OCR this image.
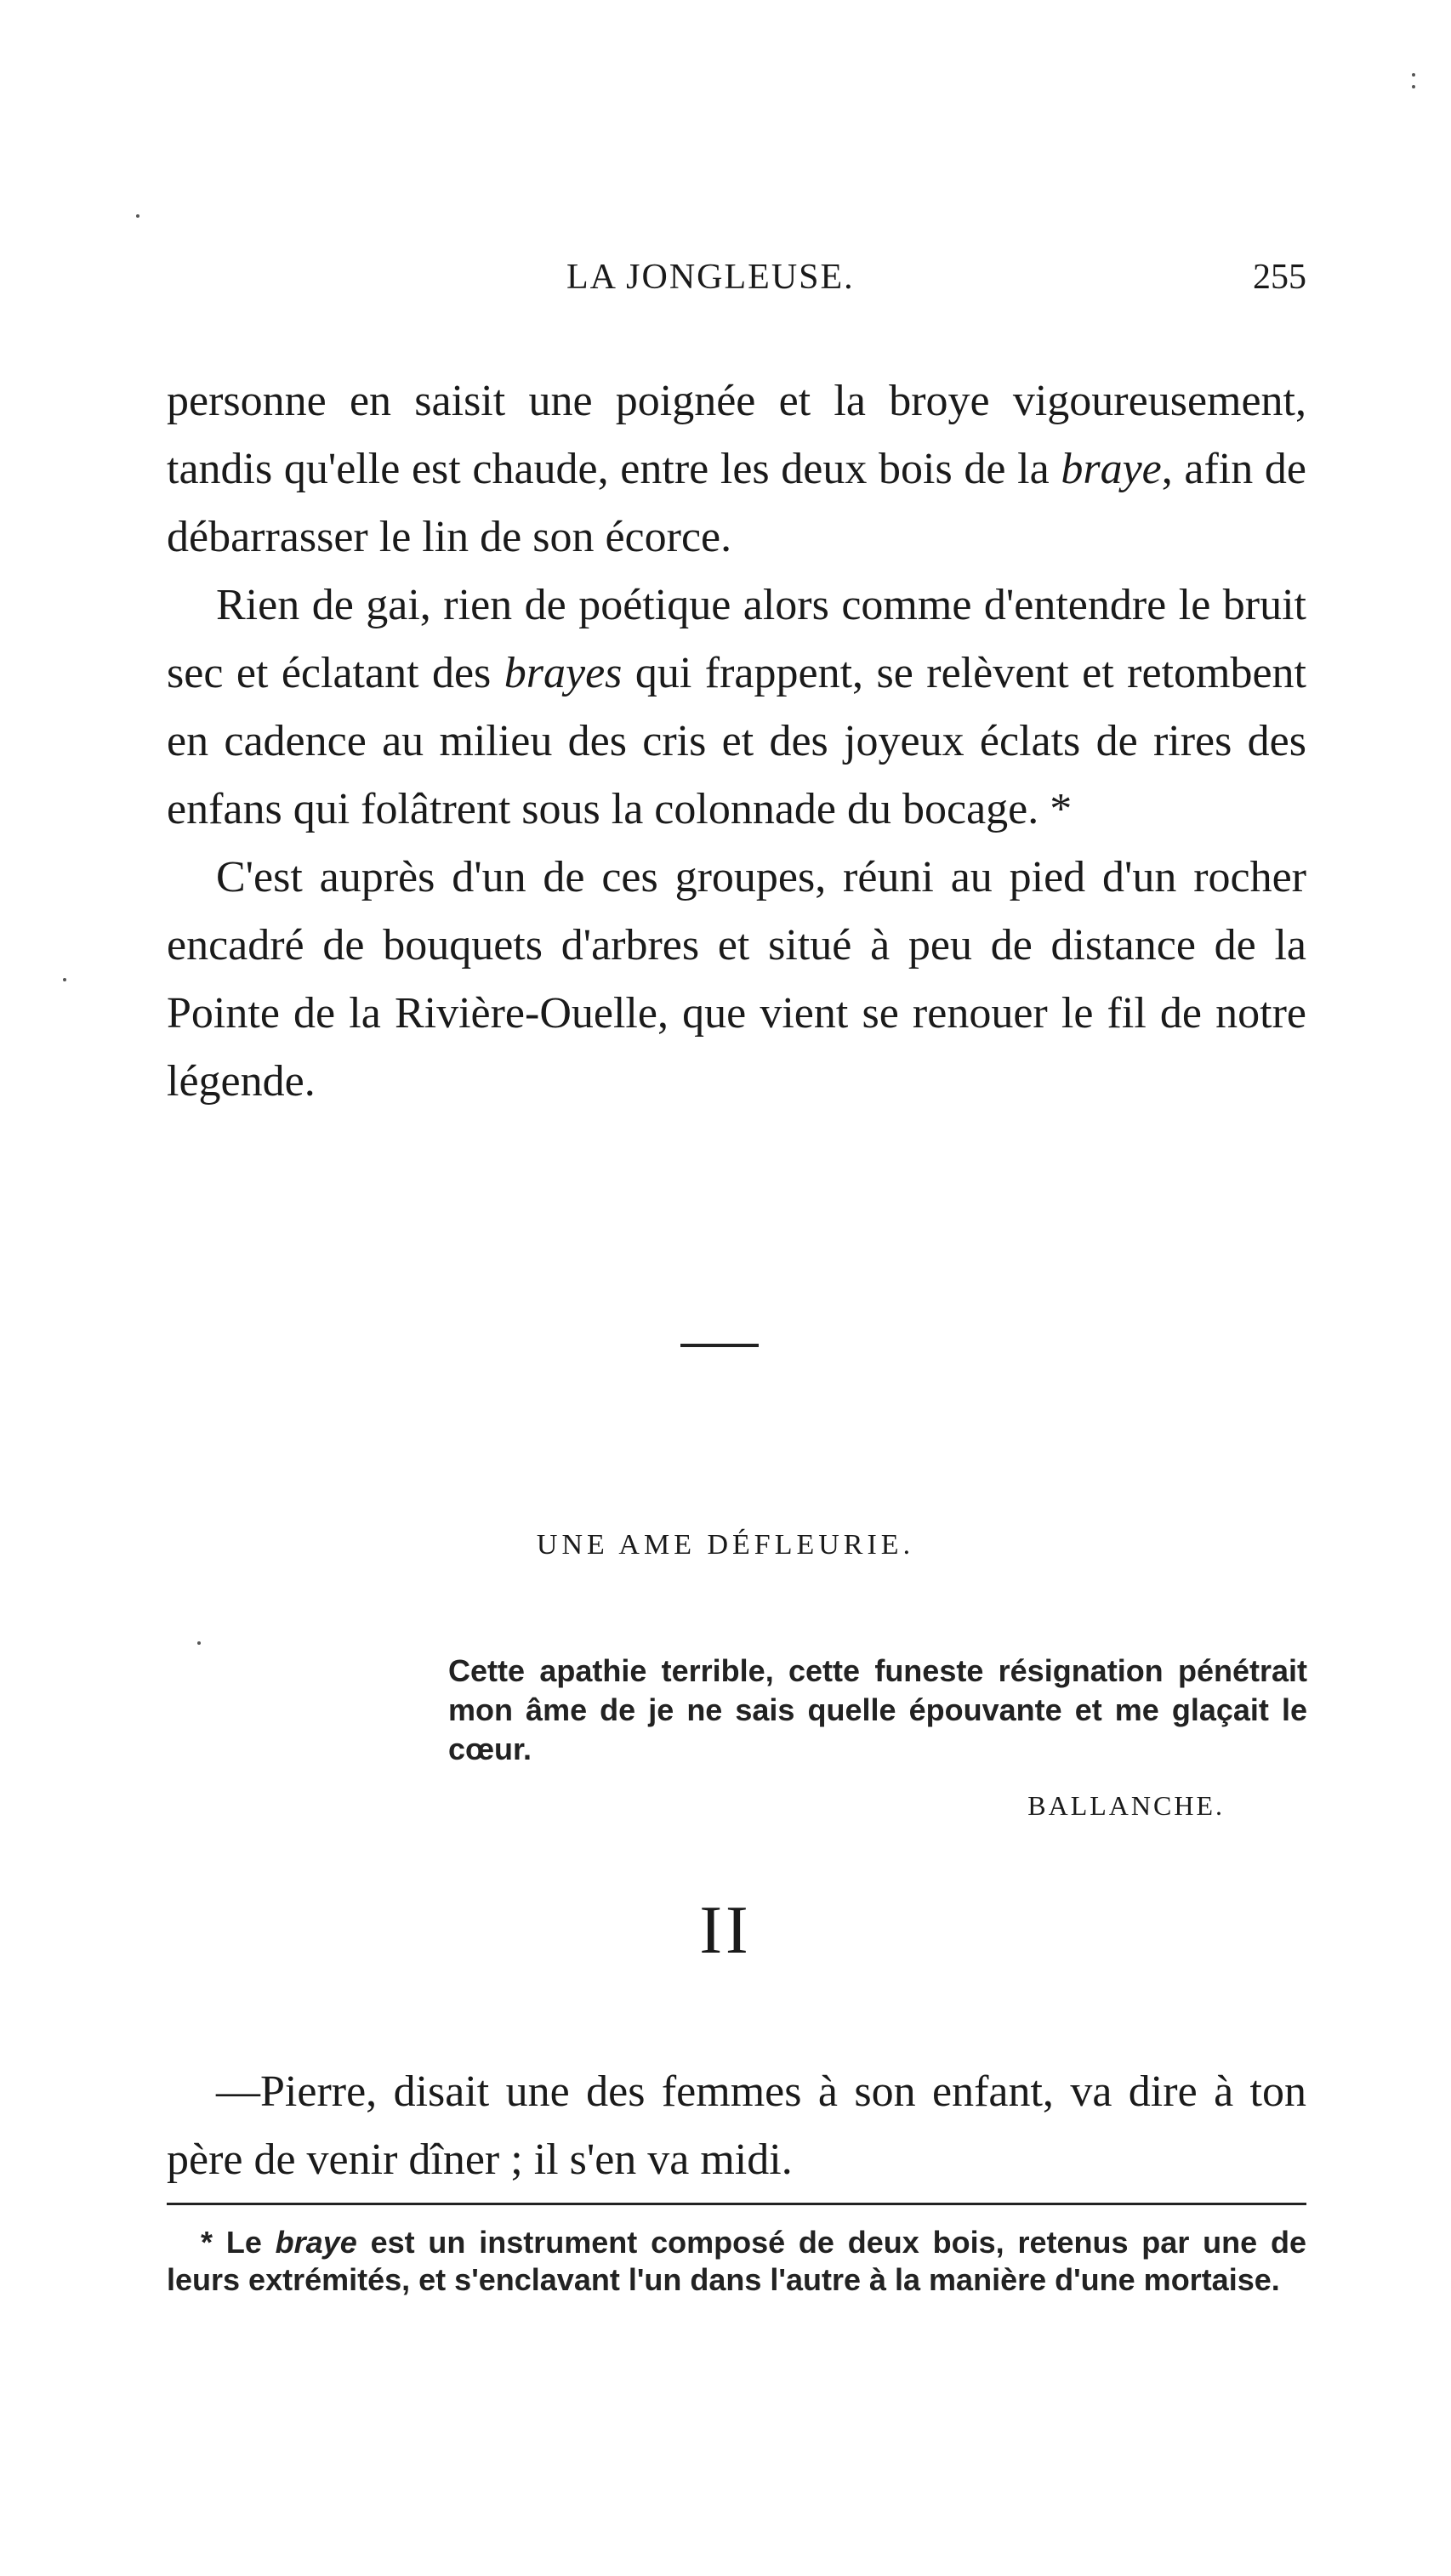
LA JONGLEUSE.	255

personne en saisit une poignée et la broye vigoureusement, tandis qu'elle est chaude, entre les deux bois de la braye, afin de débarrasser le lin de son écorce.

Rien de gai, rien de poétique alors comme d'entendre le bruit sec et éclatant des brayes qui frappent, se relèvent et retombent en cadence au milieu des cris et des joyeux éclats de rires des enfans qui folâtrent sous la colonnade du bocage. *

C'est auprès d'un de ces groupes, réuni au pied d'un rocher encadré de bouquets d'arbres et situé à peu de distance de la Pointe de la Rivière-Ouelle, que vient se renouer le fil de notre légende.

UNE AME DÉFLEURIE.
Cette apathie terrible, cette funeste résignation pénétrait mon âme de je ne sais quelle épouvante et me glaçait le cœur.
BALLANCHE.
II

—Pierre, disait une des femmes à son enfant, va dire à ton père de venir dîner ; il s'en va midi.

* Le braye est un instrument composé de deux bois, retenus par une de leurs extrémités, et s'enclavant l'un dans l'autre à la manière d'une mortaise.
